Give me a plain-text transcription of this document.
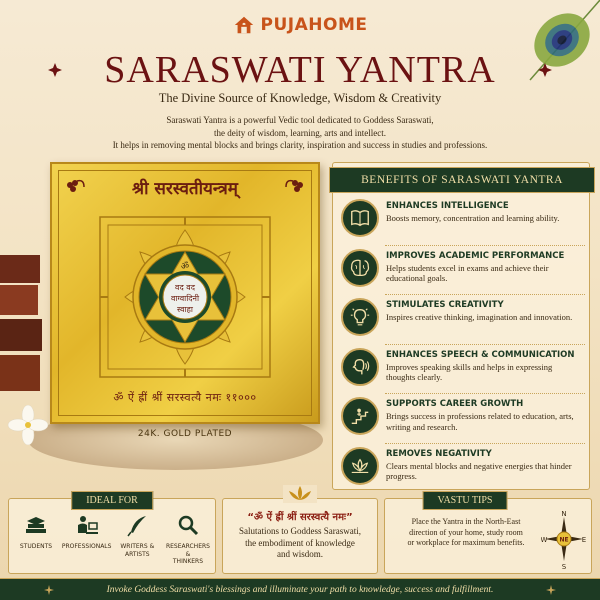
PUJAHOME
SARASWATI YANTRA
The Divine Source of Knowledge, Wisdom & Creativity
Saraswati Yantra is a powerful Vedic tool dedicated to Goddess Saraswati,
the deity of wisdom, learning, arts and intellect.
It helps in removing mental blocks and brings clarity, inspiration and success in studies and professions.
श्री सरस्वतीयन्त्रम्
ॐ
वद वद
वाग्वादिनी
स्वाहा
ॐ ऐं ह्रीं श्रीं सरस्वत्यै नमः ११०००
24K. GOLD PLATED
BENEFITS OF SARASWATI YANTRA
ENHANCES INTELLIGENCE
Boosts memory, concentration and learning ability.
IMPROVES ACADEMIC PERFORMANCE
Helps students excel in exams and achieve their educational goals.
STIMULATES CREATIVITY
Inspires creative thinking, imagination and innovation.
ENHANCES SPEECH & COMMUNICATION
Improves speaking skills and helps in expressing thoughts clearly.
SUPPORTS CAREER GROWTH
Brings success in professions related to education, arts, writing and research.
REMOVES NEGATIVITY
Clears mental blocks and negative energies that hinder progress.
IDEAL FOR
STUDENTS	PROFESSIONALS	WRITERS &
ARTISTS
RESEARCHERS &
THINKERS
“ॐ ऐं ह्रीं श्रीं सरस्वत्यै नमः”
Salutations to Goddess Saraswati,
the embodiment of knowledge
and wisdom.
VASTU TIPS
Place the Yantra in the North-East
direction of your home, study room
or workplace for maximum benefits.
N
S
W	E
NE
Invoke Goddess Saraswati's blessings and illuminate your path to knowledge, success and fulfillment.
